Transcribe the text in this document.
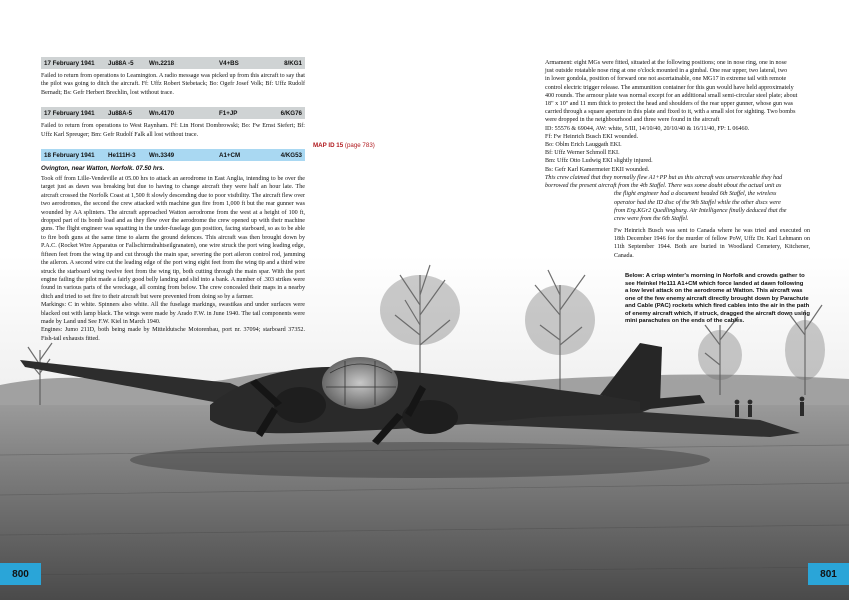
17 February 1941	Ju88A -5	Wn.2218	V4+BS	8/KG1

Failed to return from operations to Leamington. A radio message was picked up from this aircraft to say that the pilot was going to ditch the aircraft. Ff: Uffz Robert Stebetack; Bo: Ogefr Josef Volk; Bf: Uffz Rudolf Bernadt; Bs: Gefr Herbert Brechlin, lost without trace.

17 February 1941	Ju88A-5	Wn.4170	F1+JP	6/KG76

Failed to return from operations to West Raynham. Ff: Ltn Horst Dombrowski; Bo: Fw Ernst Siefert; Bf: Uffz Karl Spreuger; Bm: Gefr Rudolf Falk all lost without trace.

18 February 1941	He111H-3	Wn.3349	A1+CM	4/KG53
Ovington, near Watton, Norfolk. 07.50 hrs.

Took off from Lille-Vendeville at 05.00 hrs to attack an aerodrome in East Anglia, intending to be over the target just as dawn was breaking but due to having to change aircraft they were half an hour late. The aircraft crossed the Norfolk Coast at 1,500 ft slowly descending due to poor visibility. The aircraft flew over two aerodromes, the second the crew attacked with machine gun fire from 1,000 ft but the rear gunner was wounded by AA splinters. The aircraft approached Watton aerodrome from the west at a height of 100 ft, dropped part of its bomb load and as they flew over the aerodrome the crew opened up with their machine guns. The flight engineer was squatting in the under-fuselage gun position, facing starboard, so as to be able to fire both guns at the same time to alarm the ground defences. This aircraft was then brought down by P.A.C. (Rocket Wire Apparatus or Fallschirmdrahtseilgranaten), one wire struck the port wing leading edge, fifteen feet from the wing tip and cut through the main spar, severing the port aileron control rod, jamming the aileron. A second wire cut the leading edge of the port wing eight feet from the wing tip and a third wire struck the starboard wing twelve feet from the wing tip, both cutting through the main spar. With the port engine failing the pilot made a fairly good belly landing and slid into a bank. A number of .303 strikes were found in various parts of the wreckage, all coming from below. The crew concealed their maps in a nearby ditch and tried to set fire to their aircraft but were prevented from doing so by a farmer.

Markings: C in white. Spinners also white. All the fuselage markings, swastikas and under surfaces were blacked out with lamp black. The wings were made by Arado F.W. in June 1940. The tail components were made by Land und See F.W. Kiel in March 1940.

Engines: Jumo 211D, both being made by Mitteldutsche Motorenbau, port nr. 37094; starboard 37352. Fish-tail exhausts fitted.

MAP ID 15 (page 783)
Armament: eight MGs were fitted, situated at the following positions; one in nose ring, one in nose
just outside rotatable nose ring at one o'clock mounted in a gimbal. One rear upper, two lateral, two
in lower gondola, position of forward one not ascertainable, one MG17 in extreme tail with remote
control electric trigger release. The ammunition container for this gun would have held approximately
400 rounds. The armour plate was normal except for an additional small semi-circular steel plate; about
18" x 10" and 11 mm thick to protect the head and shoulders of the rear upper gunner, whose gun was
carried through a square aperture in this plate and fixed to it, with a small slot for sighting. Two bombs
were dropped in the neighbourhood and three were found in the aircraft
ID: 55576 & 69044, AW: white, 5/III, 14/10/40, 20/10/40 & 16/11/40, FP: L 06460.
Ff: Fw Heinrich Busch EKI wounded.
Bo: Oblm Erich Lauggath EKI.
Bf: Uffz Werner Schmoll EKI.
Bm: Uffz Otto Ludwig EKI slightly injured.
Bs: Gefr Karl Kamermeier EKII wounded.
This crew claimed that they normally flew A1+PP but as this aircraft was unserviceable they had
borrowed the present aircraft from the 4th Staffel. There was some doubt about the actual unit as
the flight engineer had a document headed 6th Staffel, the wireless
operator had the ID disc of the 9th Staffel while the other discs were
from Erg.KGr2 Quedlingburg. Air Intelligence finally deduced that the
crew were from the 6th Staffel.

Fw Heinrich Busch was sent to Canada where he was tried and executed on 18th December 1946 for the murder of fellow PoW, Uffz Dr. Karl Lehmann on 11th September 1944. Both are buried in Woodland Cemetery, Kitchener, Canada.

Below: A crisp winter's morning in Norfolk and crowds gather to
see Heinkel He111 A1+CM which force landed at dawn following
a low level attack on the aerodrome at Watton. This aircraft was
one of the few enemy aircraft directly brought down by Parachute
and Cable (PAC) rockets which fired cables into the air in the path
of enemy aircraft which, if struck, dragged the aircraft down using
mini parachutes on the ends of the cables.
800	801
